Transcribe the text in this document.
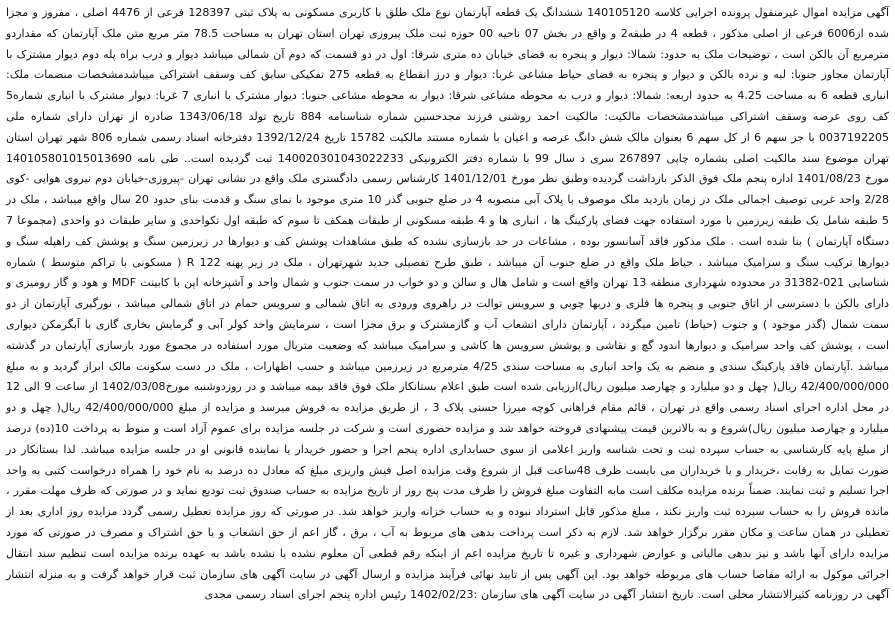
آگهی مزایده اموال غیرمنقول پرونده اجرایی کلاسه 140105120 ششدانگ یک قطعه آپارتمان نوع ملک طلق با کاربری مسکونی به پلاک ثبتی 128397 فرعی از 4476 اصلی ، مفروز و مجزا شده از6006 فرعی از اصلی مذکور ، قطعه 4 در طبقه2 و واقع در بخش 07 ناحیه 00 حوزه ثبت ملک پیروزی تهران استان تهران به مساحت 78.5 متر مربع متن ملک آپارتمان که مقداردو مترمربع آن بالکن است ، توضیحات ملک به حدود: شمالا: دیوار و پنجره به فضای خیابان ده متری شرقا: اول در دو قسمت که دوم آن شمالی میباشد دیوار و درب براه پله دوم دیوار مشترک با آپارتمان مجاور جنوبا: لبه و نرده بالکن و دیوار و پنجره به فضای حیاط مشاعی غربا: دیوار و درز انقطاع به قطعه 275 تفکیکی سابق کف وسقف اشتراکی میباشدمشخصات منضمات ملک: انباری قطعه 6 به مساحت 4.25 به حدود اربعه: شمالا: دیوار و درب به محوطه مشاعی شرقا: دیوار به محوطه مشاعی جنوبا: دیوار مشترک با انباری 7 غربا: دیوار مشترک با انباری شماره5 کف روی عرصه وسقف اشتراکی میباشدمشخصات مالکیت: مالکیت احمد روشنی فرزند مجدحسین شماره شناسنامه 884 تاریخ تولد 1343/06/18 صادره از تهران دارای شماره ملی 0037192205 با جز سهم 6 از کل سهم 6 بعنوان مالک شش دانگ عرصه و اعیان با شماره مستند مالکیت 15782 تاریخ 1392/12/24 دفترخانه اسناد رسمی شماره 806 شهر تهران استان تهران موضوع سند مالکیت اصلی بشماره چاپی 267897 سری د سال 99 با شماره دفتر الکترونیکی 140020301043022233 ثبت گردیده است.. طی نامه 140105801015013690 مورخ 1401/08/23 اداره پنجم ملک فوق الذکر بازداشت گردیده وطبق نظر مورخ 1401/12/01 کارشناس رسمی دادگستری ملک واقع در نشانی تهران -پیروزی-خیابان دوم نیروی هوایی -کوی 2/28 واحد غربی توصیف اجمالی ملک در زمان بازدید ملک موصوف با پلاک آبی منصوبه 4 در ضلع جنوبی گذر 10 متری موجود با نمای سنگ و قدمت بنای حدود 20 سال واقع میباشد ، ملک در 5 طبقه شامل یک طبقه زیرزمین با مورد استفاده جهت فضای پارکینگ ها ، انباری ها و 4 طبقه مسکونی از طبقات همکف تا سوم که طبقه اول تکواحدی و سایر طبقات دو واحدی (مجموعا 7 دستگاه آپارتمان ) بنا شده است . ملک مذکور فاقد آسانسور بوده ، مشاعات در حد بازسازی نشده که طبق مشاهدات پوشش کف و دیوارها در زیرزمین سنگ و پوشش کف راهپله سنگ و دیوارها ترکیب سنگ و سرامیک میباشد ، حیاط ملک واقع در ضلع جنوب آن میباشد ، طبق طرح تفصیلی جدید شهرتهران ، ملک در زیر پهنه R 122 ( مسکونی با تراکم متوسط ) شماره شناسایی 021-31382 در محدوده شهرداری منطقه 13 تهران واقع است و شامل هال و سالن و دو خواب در سمت جنوب و شمال واحد و آشپزخانه اپن با کابینت MDF و هود و گاز رومیزی و دارای بالکن با دسترسی از اتاق جنوبی و پنجره ها فلزی و دربها چوبی و سرویس توالت در راهروی ورودی به اتاق شمالی و سرویس حمام در اتاق شمالی میباشد ، نورگیری آپارتمان از دو سمت شمال (گذر موجود ) و جنوب (حیاط) تامین میگردد ، آپارتمان دارای انشعاب آب و گازمشترک و برق مجزا است ، سرمایش واحد کولر آبی و گرمایش بخاری گازی با آبگرمکن دیواری است ، پوشش کف واحد سرامیک و دیوارها اندود گچ و نقاشی و پوشش سرویس ها کاشی و سرامیک میباشد که وضعیت متریال مورد استفاده در مجموع مورد بازسازی آپارتمان در گذشته میباشد .آپارتمان فاقد پارکینگ سندی و منضم به یک واحد انباری به مساحت سندی 4/25 مترمربع در زیرزمین میباشد و حسب اظهارات ، ملک در دست سکونت مالک ابراز گردید و به مبلغ 42/400/000/000 ریال( چهل و دو میلیارد و چهارصد میلیون ریال)ارزیابی شده است طبق اعلام بستانکار ملک فوق فاقد بیمه میباشد و در روزدوشنبه مورخ1402/03/08 از ساعت 9 الی 12 در محل اداره اجرای اسناد رسمی واقع در تهران ، قائم مقام فراهانی کوچه میرزا حسنی پلاک 3 ، از طریق مزایده به فروش میرسد و مزایده از مبلغ 42/400/000/000 ریال( چهل و دو میلیارد و چهارصد میلیون ریال)شروع و به بالاترین قیمت پیشنهادی فروخته خواهد شد و مزایده حضوری است و شرکت در جلسه مزایده برای عموم آزاد است و منوط به پرداخت 10(ده) درصد از مبلغ پایه کارشناسی به حساب سپرده ثبت و تحت شناسه واریز اعلامی از سوی حسابداری اداره پنجم اجرا و حضور خریدار یا نماینده قانونی او در جلسه مزایده میباشد. لذا بستانکار در صورت تمایل به رقابت ،خریدار و یا خریداران می بایست ظرف 48ساعت قبل از شروع وقت مزایده اصل فیش واریزی مبلغ که معادل ده درصد به نام خود را همراه درخواست کتبی به واحد اجرا تسلیم و ثبت نمایند. ضمناً برنده مزایده مکلف است مابه التفاوت مبلغ فروش را ظرف مدت پنج روز از تاریخ مزایده به حساب صندوق ثبت تودیع نماید و در صورتی که ظرف مهلت مقرر ، مانده فروش را به حساب سپرده ثبت واریز نکند ، مبلغ مذکور قابل استرداد نبوده و به حساب خزانه واریز خواهد شد. در صورتی که روز مزایده تعطیل رسمی گردد مزایده روز اداری بعد از تعطیلی در همان ساعت و مکان مقرر برگزار خواهد شد. لازم به ذکر است پرداخت بدهی های مربوط به آب ، برق ، گاز اعم از حق انشعاب و یا حق اشتراک و مصرف در صورتی که مورد مزایده دارای آنها باشد و نیز بدهی مالیاتی و عوارض شهرداری و غیره تا تاریخ مزایده اعم از اینکه رقم قطعی آن معلوم نشده یا نشده باشد به عهده برنده مزایده است تنظیم سند انتقال اجرائی موکول به ارائه مفاصا حساب های مربوطه خواهد بود. این آگهی پس از تایید نهائی فرآیند مزایده و ارسال آگهی در سایت آگهی های سازمان ثبت قرار خواهد گرفت و به منزله انتشار آگهی در روزنامه کثیرالانتشار محلی است. تاریخ انتشار آگهی در سایت آگهی های سازمان :1402/02/23 رئیس اداره پنجم اجرای اسناد رسمی مجدی
